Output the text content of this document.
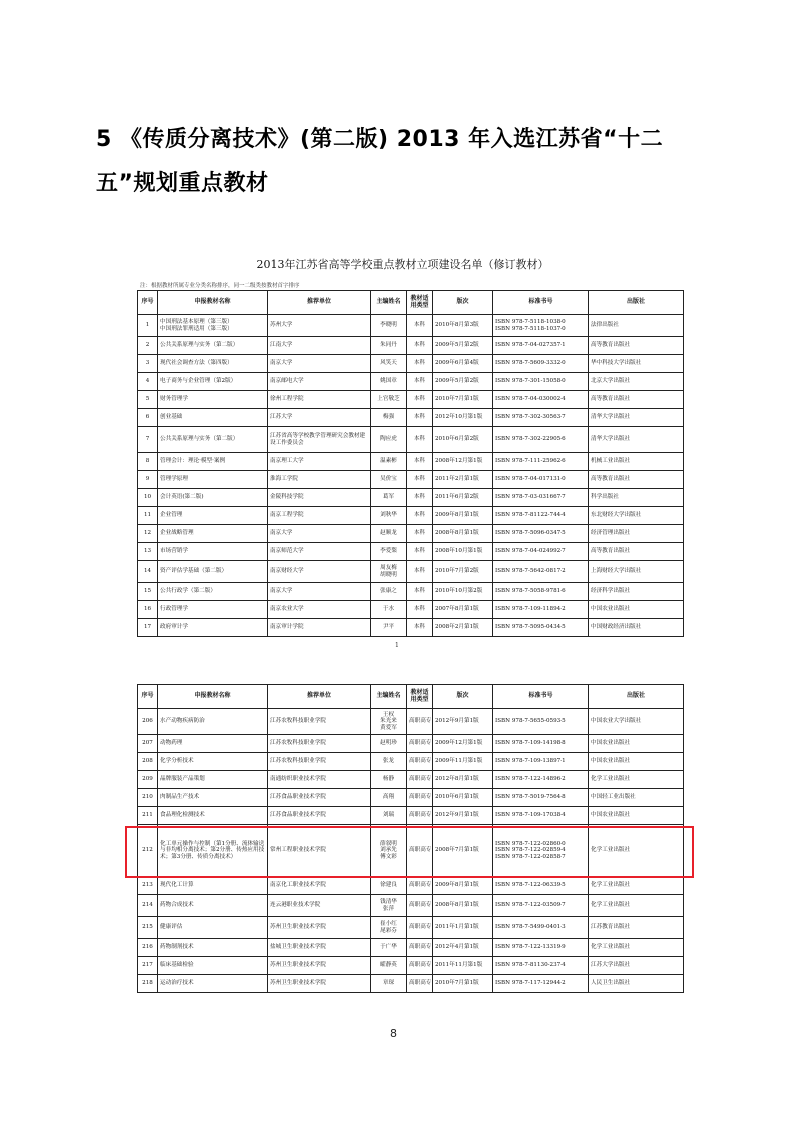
5 《传质分离技术》(第二版) 2013 年入选江苏省“十二五”规划重点教材
2013年江苏省高等学校重点教材立项建设名单（修订教材）
注：根据教材所属专业分类名称排序，同一二级类按教材首字排序
序号	申报教材名称	推荐单位	主编姓名	教材适用类型	版次	标准书号	出版社
1	中国刑法基本原理（第三版）
中国刑法罪刑适用（第三版）	苏州大学	李晓明	本科	2010年8月第3版	ISBN 978-7-5118-1038-0
ISBN 978-7-5118-1037-0	法律出版社
2	公共关系原理与实务（第二版）	江南大学	朱同丹	本科	2009年5月第2版	ISBN 978-7-04-027357-1	高等教育出版社
3	现代社会调查方法（第四版）	南京大学	风笑天	本科	2009年6月第4版	ISBN 978-7-5609-3332-0	华中科技大学出版社
4	电子商务与企业管理（第2版）	南京邮电大学	姚国章	本科	2009年5月第2版	ISBN 978-7-301-15058-0	北京大学出版社
5	财务管理学	徐州工程学院	上官敬芝	本科	2010年7月第1版	ISBN 978-7-04-030002-4	高等教育出版社
6	创业基础	江苏大学	梅强	本科	2012年10月第1版	ISBN 978-7-302-30563-7	清华大学出版社
7	公共关系原理与实务（第二版）	江苏省高等学校教学管理研究会教材建设工作委员会	陶应虎	本科	2010年6月第2版	ISBN 978-7-302-22905-6	清华大学出版社
8	管理会计：理论·模型·案例	南京理工大学	温素彬	本科	2008年12月第1版	ISBN 978-7-111-25962-6	机械工业出版社
9	管理学原理	淮海工学院	吴价宝	本科	2011年2月第1版	ISBN 978-7-04-017131-0	高等教育出版社
10	会计英语(第二版)	金陵科技学院	葛军	本科	2011年6月第2版	ISBN 978-7-03-031667-7	科学出版社
11	企业管理	南京工程学院	刘秋华	本科	2009年8月第1版	ISBN 978-7-81122-744-4	东北财经大学出版社
12	企业战略管理	南京大学	赵顺龙	本科	2008年8月第1版	ISBN 978-7-5096-0347-5	经济管理出版社
13	市场营销学	南京师范大学	李爱梨	本科	2008年10月第1版	ISBN 978-7-04-024992-7	高等教育出版社
14	资产评估学基础（第二版）	南京财经大学	周友梅
胡晓明	本科	2010年7月第2版	ISBN 978-7-5642-0817-2	上海财经大学出版社
15	公共行政学（第二版）	南京大学	张康之	本科	2010年10月第2版	ISBN 978-7-5058-9781-6	经济科学出版社
16	行政管理学	南京农业大学	于水	本科	2007年8月第1版	ISBN 978-7-109-11894-2	中国农业出版社
17	政府审计学	南京审计学院	尹平	本科	2008年2月第1版	ISBN 978-7-5095-0434-5	中国财政经济出版社
1
序号	申报教材名称	推荐单位	主编姓名	教材适用类型	版次	标准书号	出版社
206	水产动物疾病防治	江苏农牧科技职业学院	王权
朱光来
黄爱军	高职高专	2012年9月第1版	ISBN 978-7-5655-0593-5	中国农业大学出版社
207	动物药理	江苏农牧科技职业学院	赵明珍	高职高专	2009年12月第1版	ISBN 978-7-109-14198-8	中国农业出版社
208	化学分析技术	江苏农牧科技职业学院	张龙	高职高专	2009年11月第1版	ISBN 978-7-109-13897-1	中国农业出版社
209	晶牌服装产品策划	南通纺织职业技术学院	杨静	高职高专	2012年8月第1版	ISBN 978-7-122-14896-2	化学工业出版社
210	肉制品生产技术	江苏食品职业技术学院	高翔	高职高专	2010年6月第1版	ISBN 978-7-5019-7564-8	中国轻工业出版社
211	食品理化检测技术	江苏食品职业技术学院	刘瑞	高职高专	2012年9月第1版	ISBN 978-7-109-17038-4	中国农业出版社
212	化工单元操作与控制（第1分册、流体输送与非均相分离技术；第2分册、传热应用技术；第3分册、传质分离技术）	常州工程职业技术学院	薛叙明
刘承先
傅文彩	高职高专	2008年7月第1版	ISBN 978-7-122-02860-0
ISBN 978-7-122-02859-4
ISBN 978-7-122-02858-7	化学工业出版社
213	现代化工计算	南京化工职业技术学院	徐建良	高职高专	2009年8月第1版	ISBN 978-7-122-06339-5	化学工业出版社
214	药物合成技术	连云港职业技术学院	钱清华
张萍	高职高专	2008年8月第1版	ISBN 978-7-122-03509-7	化学工业出版社
215	健康评估	苏州卫生职业技术学院	崔小红
尾彩芬	高职高专	2011年1月第1版	ISBN 978-7-5499-0401-3	江苏教育出版社
216	药物制剂技术	盐城卫生职业技术学院	于广华	高职高专	2012年4月第1版	ISBN 978-7-122-13319-9	化学工业出版社
217	临床基础检验	苏州卫生职业技术学院	曤静英	高职高专	2011年11月第1版	ISBN 978-7-81130-237-4	江苏大学出版社
218	运动治疗技术	苏州卫生职业技术学院	章琛	高职高专	2010年7月第1版	ISBN 978-7-117-12944-2	人民卫生出版社
8
